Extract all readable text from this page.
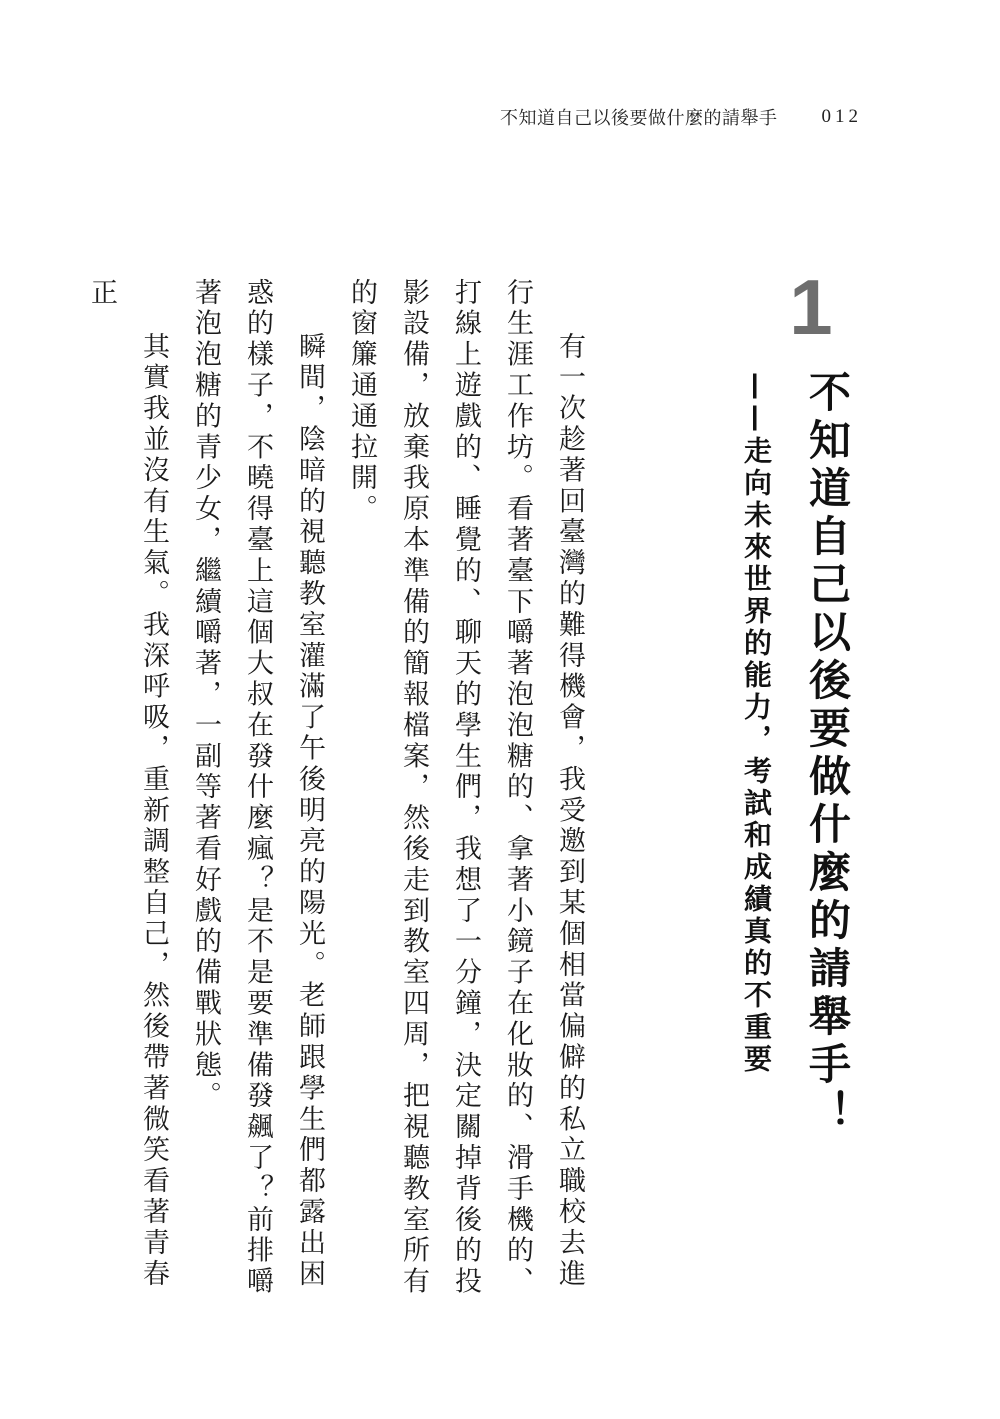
不知道自己以後要做什麼的請舉手 012
1
不知道自己以後要做什麼的請舉手！
——走向未來世界的能力，考試和成績真的不重要

有一次趁著回臺灣的難得機會，我受邀到某個相當偏僻的私立職校去進行生涯工作坊。看著臺下嚼著泡泡糖的、拿著小鏡子在化妝的、滑手機的、打線上遊戲的、睡覺的、聊天的學生們，我想了一分鐘，決定關掉背後的投影設備，放棄我原本準備的簡報檔案，然後走到教室四周，把視聽教室所有的窗簾通通拉開。

瞬間，陰暗的視聽教室灌滿了午後明亮的陽光。老師跟學生們都露出困惑的樣子，不曉得臺上這個大叔在發什麼瘋？是不是要準備發飆了？前排嚼著泡泡糖的青少女，繼續嚼著，一副等著看好戲的備戰狀態。

其實我並沒有生氣。我深呼吸，重新調整自己，然後帶著微笑看著青春正
